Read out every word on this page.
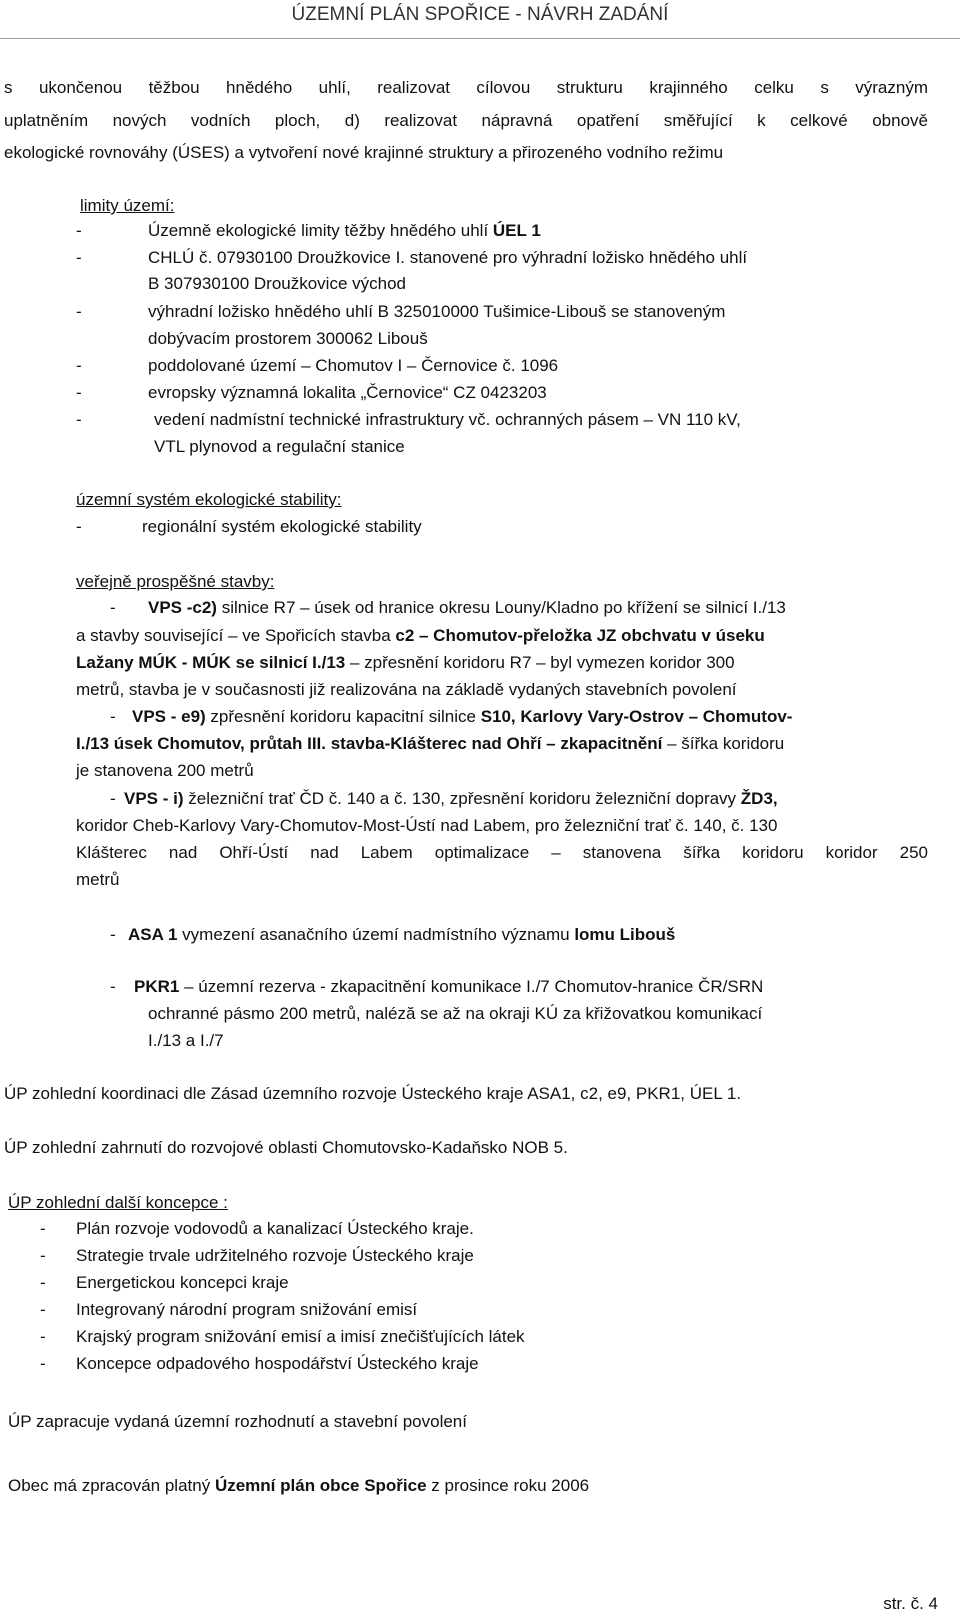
ÚZEMNÍ PLÁN SPOŘICE - NÁVRH ZADÁNÍ
s ukončenou těžbou hnědého uhlí, realizovat cílovou strukturu krajinného celku s výrazným
uplatněním nových vodních ploch, d) realizovat nápravná opatření směřující k celkové obnově
ekologické rovnováhy (ÚSES) a vytvoření nové krajinné struktury a přirozeného vodního režimu
limity území:
-	Územně ekologické limity těžby hnědého uhlí ÚEL 1
-	CHLÚ č. 07930100 Droužkovice I. stanovené pro výhradní ložisko hnědého uhlí
B 307930100 Droužkovice východ
-	výhradní ložisko hnědého uhlí B 325010000 Tušimice-Libouš se stanoveným
dobývacím prostorem 300062 Libouš
-	poddolované území – Chomutov I – Černovice č. 1096
-	evropsky významná lokalita „Černovice“ CZ 0423203
-	vedení nadmístní technické infrastruktury vč. ochranných pásem – VN 110 kV,
VTL plynovod a regulační stanice
územní systém ekologické stability:
-	regionální systém ekologické stability
veřejně prospěšné stavby:
- VPS -c2) silnice R7 – úsek od hranice okresu Louny/Kladno po křížení se silnicí I./13
a stavby související – ve Spořicích stavba c2 – Chomutov-přeložka JZ obchvatu v úseku
Lažany MÚK - MÚK se silnicí I./13 – zpřesnění koridoru R7 – byl vymezen koridor 300
metrů, stavba je v současnosti již realizována na základě vydaných stavebních povolení
- VPS - e9) zpřesnění koridoru kapacitní silnice S10, Karlovy Vary-Ostrov – Chomutov-
I./13 úsek Chomutov, průtah III. stavba-Klášterec nad Ohří – zkapacitnění – šířka koridoru
je stanovena 200 metrů
- VPS - i) železniční trať ČD č. 140 a č. 130, zpřesnění koridoru železniční dopravy ŽD3,
koridor Cheb-Karlovy Vary-Chomutov-Most-Ústí nad Labem, pro železniční trať č. 140, č. 130
Klášterec nad Ohří-Ústí nad Labem optimalizace – stanovena šířka koridoru koridor 250
metrů
- ASA 1 vymezení asanačního území nadmístního významu lomu Libouš
- PKR1 – územní rezerva - zkapacitnění komunikace I./7 Chomutov-hranice ČR/SRN
ochranné pásmo 200 metrů, naléză se až na okraji KÚ za křižovatkou komunikací
I./13 a I./7
ÚP zohlední koordinaci dle Zásad územního rozvoje Ústeckého kraje ASA1, c2, e9, PKR1, ÚEL 1.
ÚP zohlední zahrnutí do rozvojové oblasti Chomutovsko-Kadaňsko NOB 5.
ÚP zohlední další koncepce :
- Plán rozvoje vodovodů a kanalizací Ústeckého kraje.
- Strategie trvale udržitelného rozvoje Ústeckého kraje
- Energetickou koncepci kraje
- Integrovaný národní program snižování emisí
- Krajský program snižování emisí a imisí znečišťujících látek
- Koncepce odpadového hospodářství Ústeckého kraje
ÚP zapracuje vydaná územní rozhodnutí a stavební povolení
Obec má zpracován platný Územní plán obce Spořice z prosince roku 2006
str. č. 4
